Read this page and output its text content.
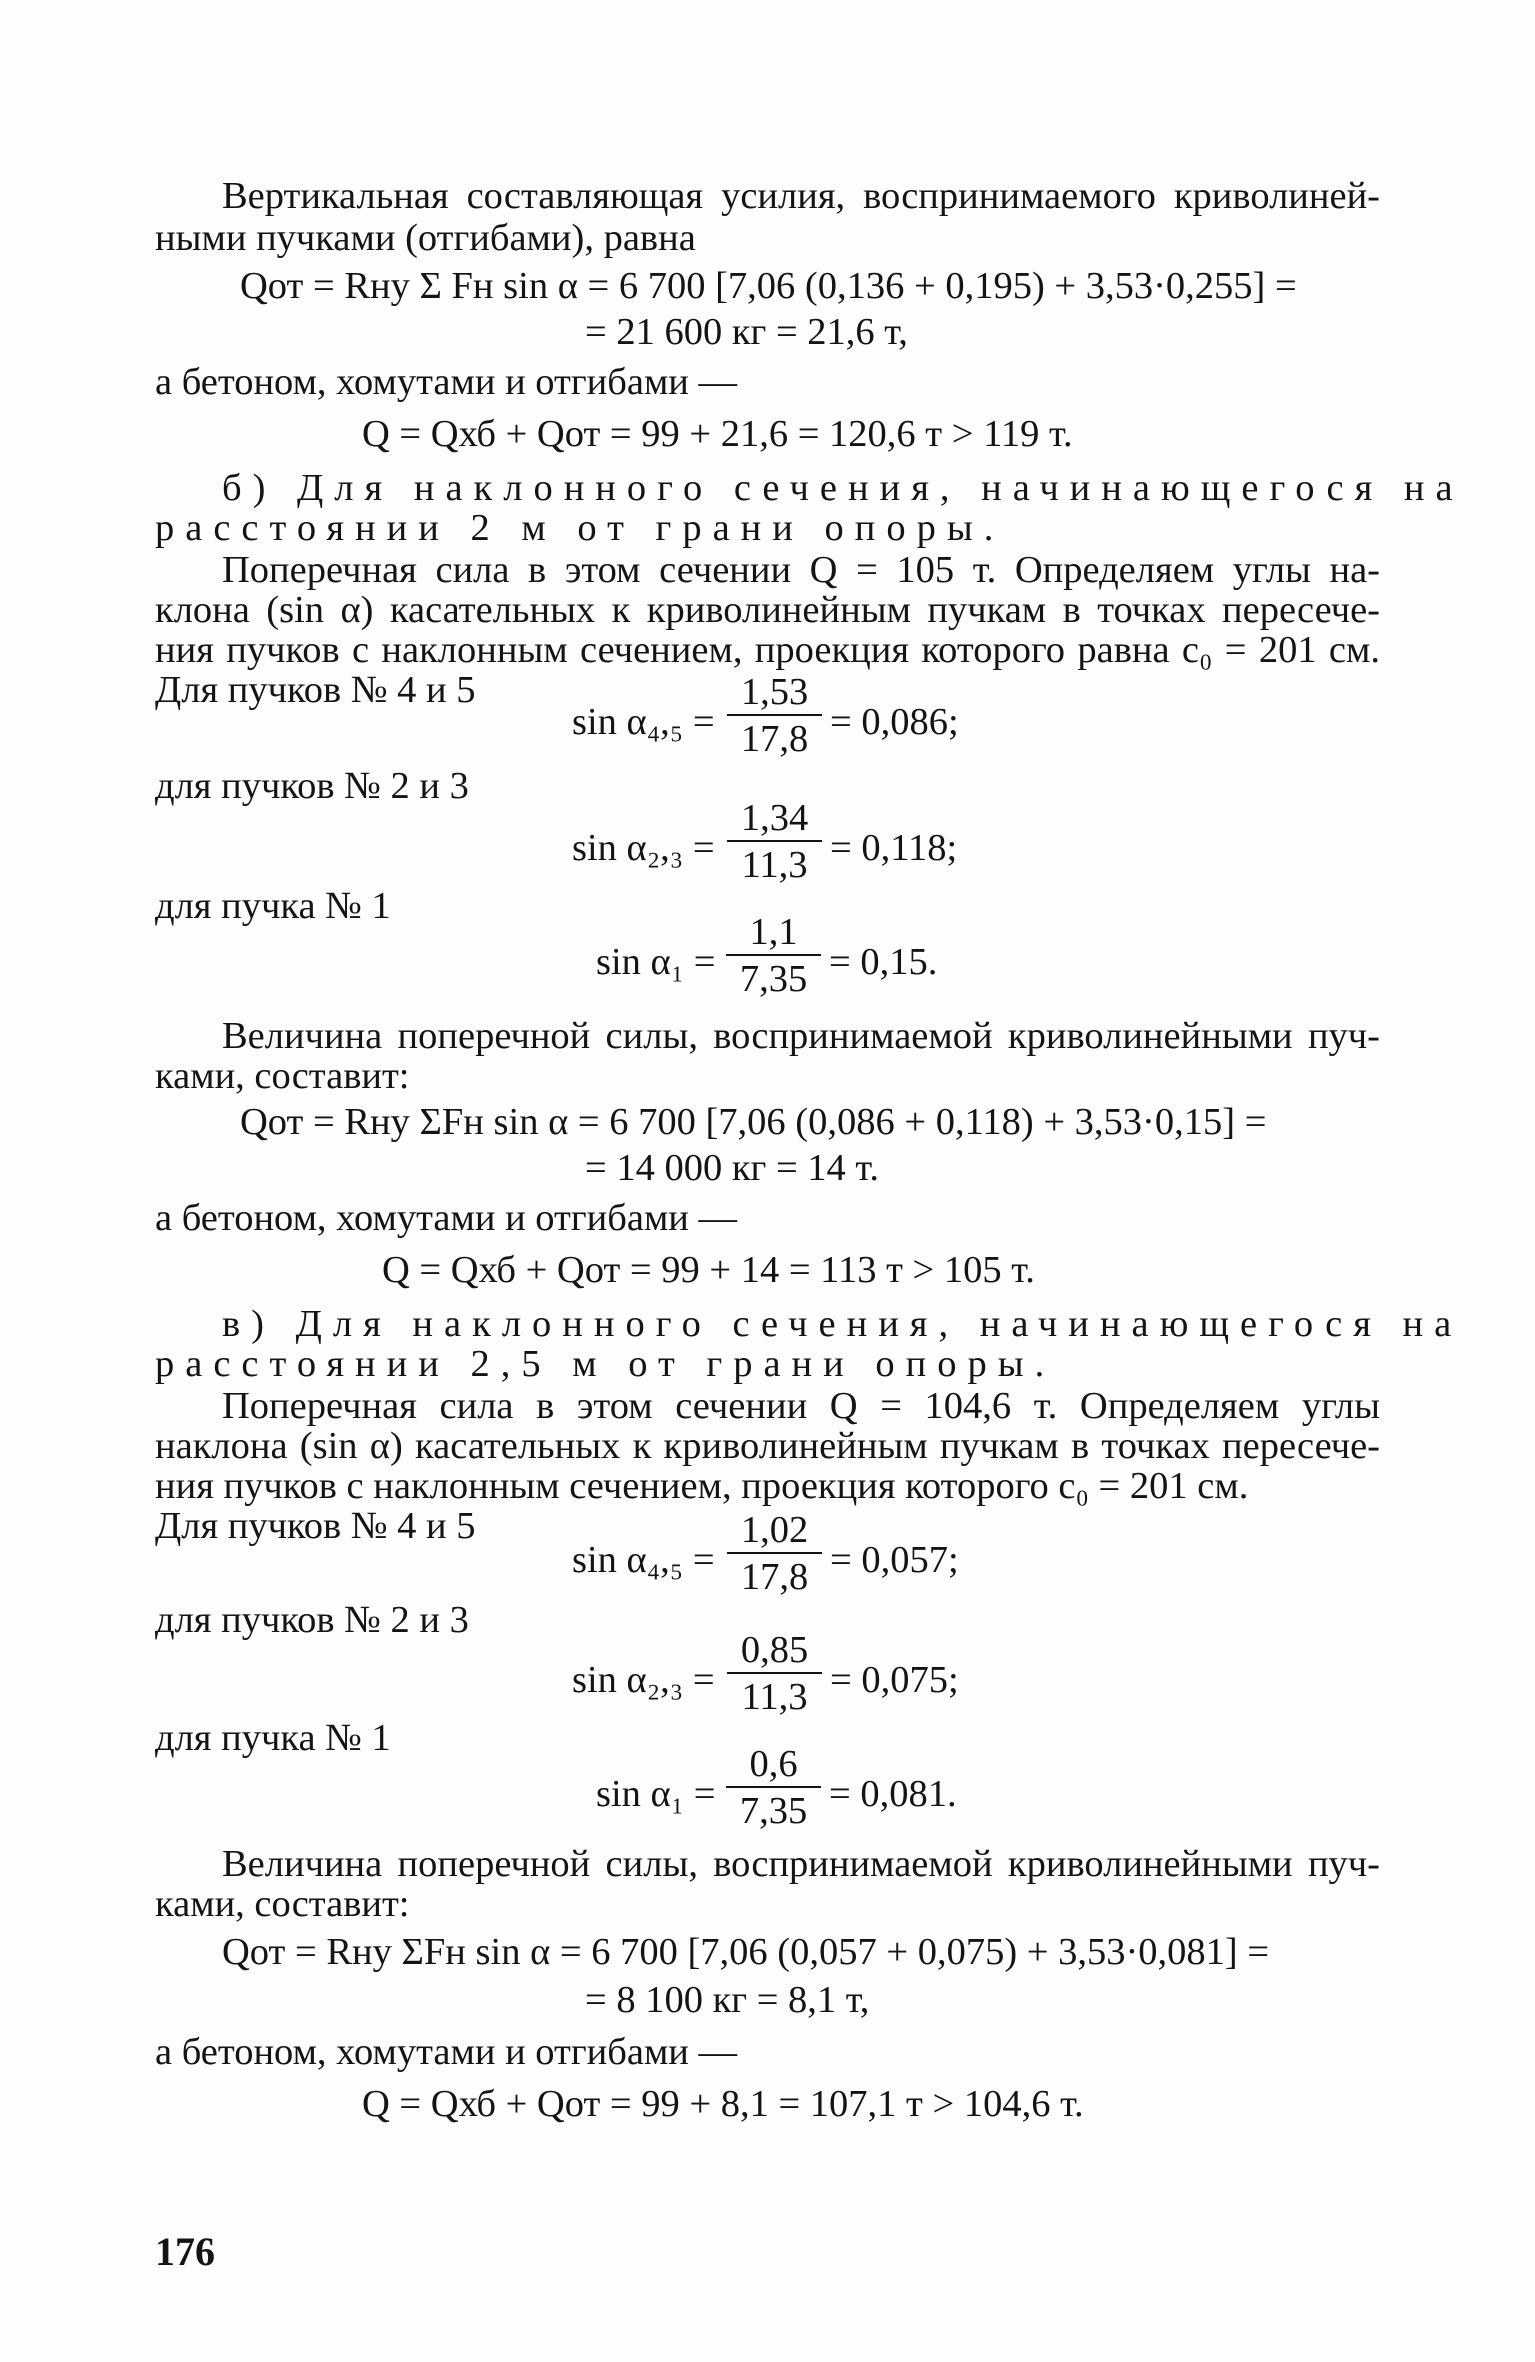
Вертикальная составляющая усилия, воспринимаемого криволиней-

ными пучками (отгибами), равна

Qот = Rну Σ Fн sin α = 6 700 [7,06 (0,136 + 0,195) + 3,53·0,255] =
= 21 600 кг = 21,6 т,

а бетоном, хомутами и отгибами —

Q = Qхб + Qот = 99 + 21,6 = 120,6 т > 119 т.

б) Для наклонного сечения, начинающегося на

расстоянии 2 м от грани опоры.

Поперечная сила в этом сечении Q = 105 т. Определяем углы на-

клона (sin α) касательных к криволинейным пучкам в точках пересече-

ния пучков с наклонным сечением, проекция которого равна c₀ = 201 см.

Для пучков № 4 и 5

$\sin \alpha_4,_5 = \frac{1,53}{17,8} = 0,086$;

для пучков № 2 и 3

$\sin \alpha_2,_3 = \frac{1,34}{11,3} = 0,118$;

для пучка № 1

$\sin \alpha_1 = \frac{1,1}{7,35} = 0,15$.

Величина поперечной силы, воспринимаемой криволинейными пуч-

ками, составит:

Qот = Rну ΣFн sin α = 6 700 [7,06 (0,086 + 0,118) + 3,53·0,15] =
= 14 000 кг = 14 т.

а бетоном, хомутами и отгибами —

Q = Qхб + Qот = 99 + 14 = 113 т > 105 т.

в) Для наклонного сечения, начинающегося на

расстоянии 2,5 м от грани опоры.

Поперечная сила в этом сечении Q = 104,6 т. Определяем углы

наклона (sin α) касательных к криволинейным пучкам в точках пересече-

ния пучков с наклонным сечением, проекция которого c₀ = 201 см.

Для пучков № 4 и 5

$\sin \alpha_4,_5 = \frac{1,02}{17,8} = 0,057$;

для пучков № 2 и 3

$\sin \alpha_2,_3 = \frac{0,85}{11,3} = 0,075$;

для пучка № 1

$\sin \alpha_1 = \frac{0,6}{7,35} = 0,081$.

Величина поперечной силы, воспринимаемой криволинейными пуч-

ками, составит:

Qот = Rну ΣFн sin α = 6 700 [7,06 (0,057 + 0,075) + 3,53·0,081] =
= 8 100 кг = 8,1 т,

а бетоном, хомутами и отгибами —

Q = Qхб + Qот = 99 + 8,1 = 107,1 т > 104,6 т.
176
